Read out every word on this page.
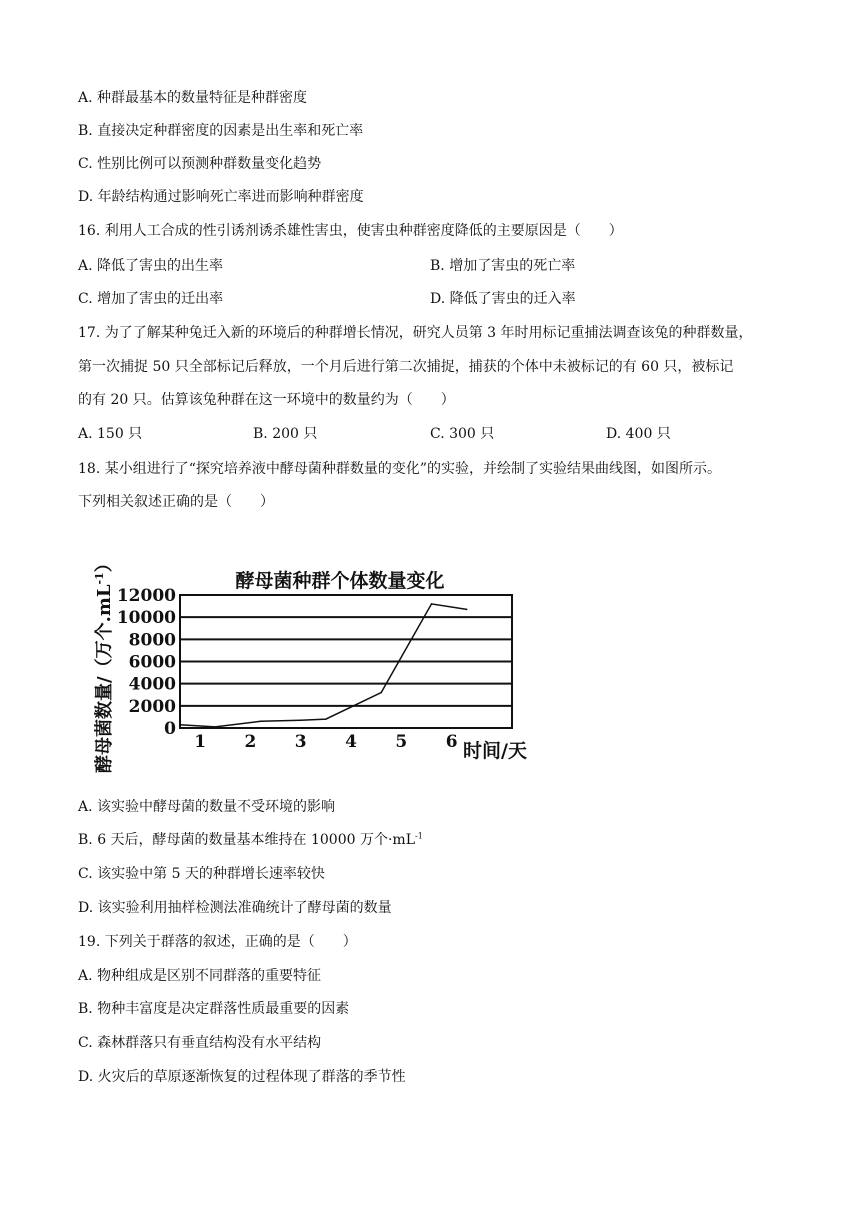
A. 种群最基本的数量特征是种群密度
B. 直接决定种群密度的因素是出生率和死亡率
C. 性别比例可以预测种群数量变化趋势
D. 年龄结构通过影响死亡率进而影响种群密度
16. 利用人工合成的性引诱剂诱杀雄性害虫，使害虫种群密度降低的主要原因是（　　）
A. 降低了害虫的出生率	B. 增加了害虫的死亡率
C. 增加了害虫的迁出率	D. 降低了害虫的迁入率
17. 为了了解某种兔迁入新的环境后的种群增长情况，研究人员第 3 年时用标记重捕法调查该兔的种群数量，
第一次捕捉 50 只全部标记后释放，一个月后进行第二次捕捉，捕获的个体中未被标记的有 60 只，被标记
的有 20 只。估算该兔种群在这一环境中的数量约为（　　）
A. 150 只	B. 200 只	C. 300 只	D. 400 只
18. 某小组进行了“探究培养液中酵母菌种群数量的变化”的实验，并绘制了实验结果曲线图，如图所示。
下列相关叙述正确的是（　　）
0
2000
4000
6000
8000
10000
12000
1 2 3 4 5 6
酵母菌种群个体数量变化
时间/天
酵母菌数量/（万个$.mL^{-1}$）
A. 该实验中酵母菌的数量不受环境的影响
B. 6 天后，酵母菌的数量基本维持在 10000 万个$\cdot mL^{-1}$
C. 该实验中第 5 天的种群增长速率较快
D. 该实验利用抽样检测法准确统计了酵母菌的数量
19. 下列关于群落的叙述，正确的是（　　）
A. 物种组成是区别不同群落的重要特征
B. 物种丰富度是决定群落性质最重要的因素
C. 森林群落只有垂直结构没有水平结构
D. 火灾后的草原逐渐恢复的过程体现了群落的季节性
